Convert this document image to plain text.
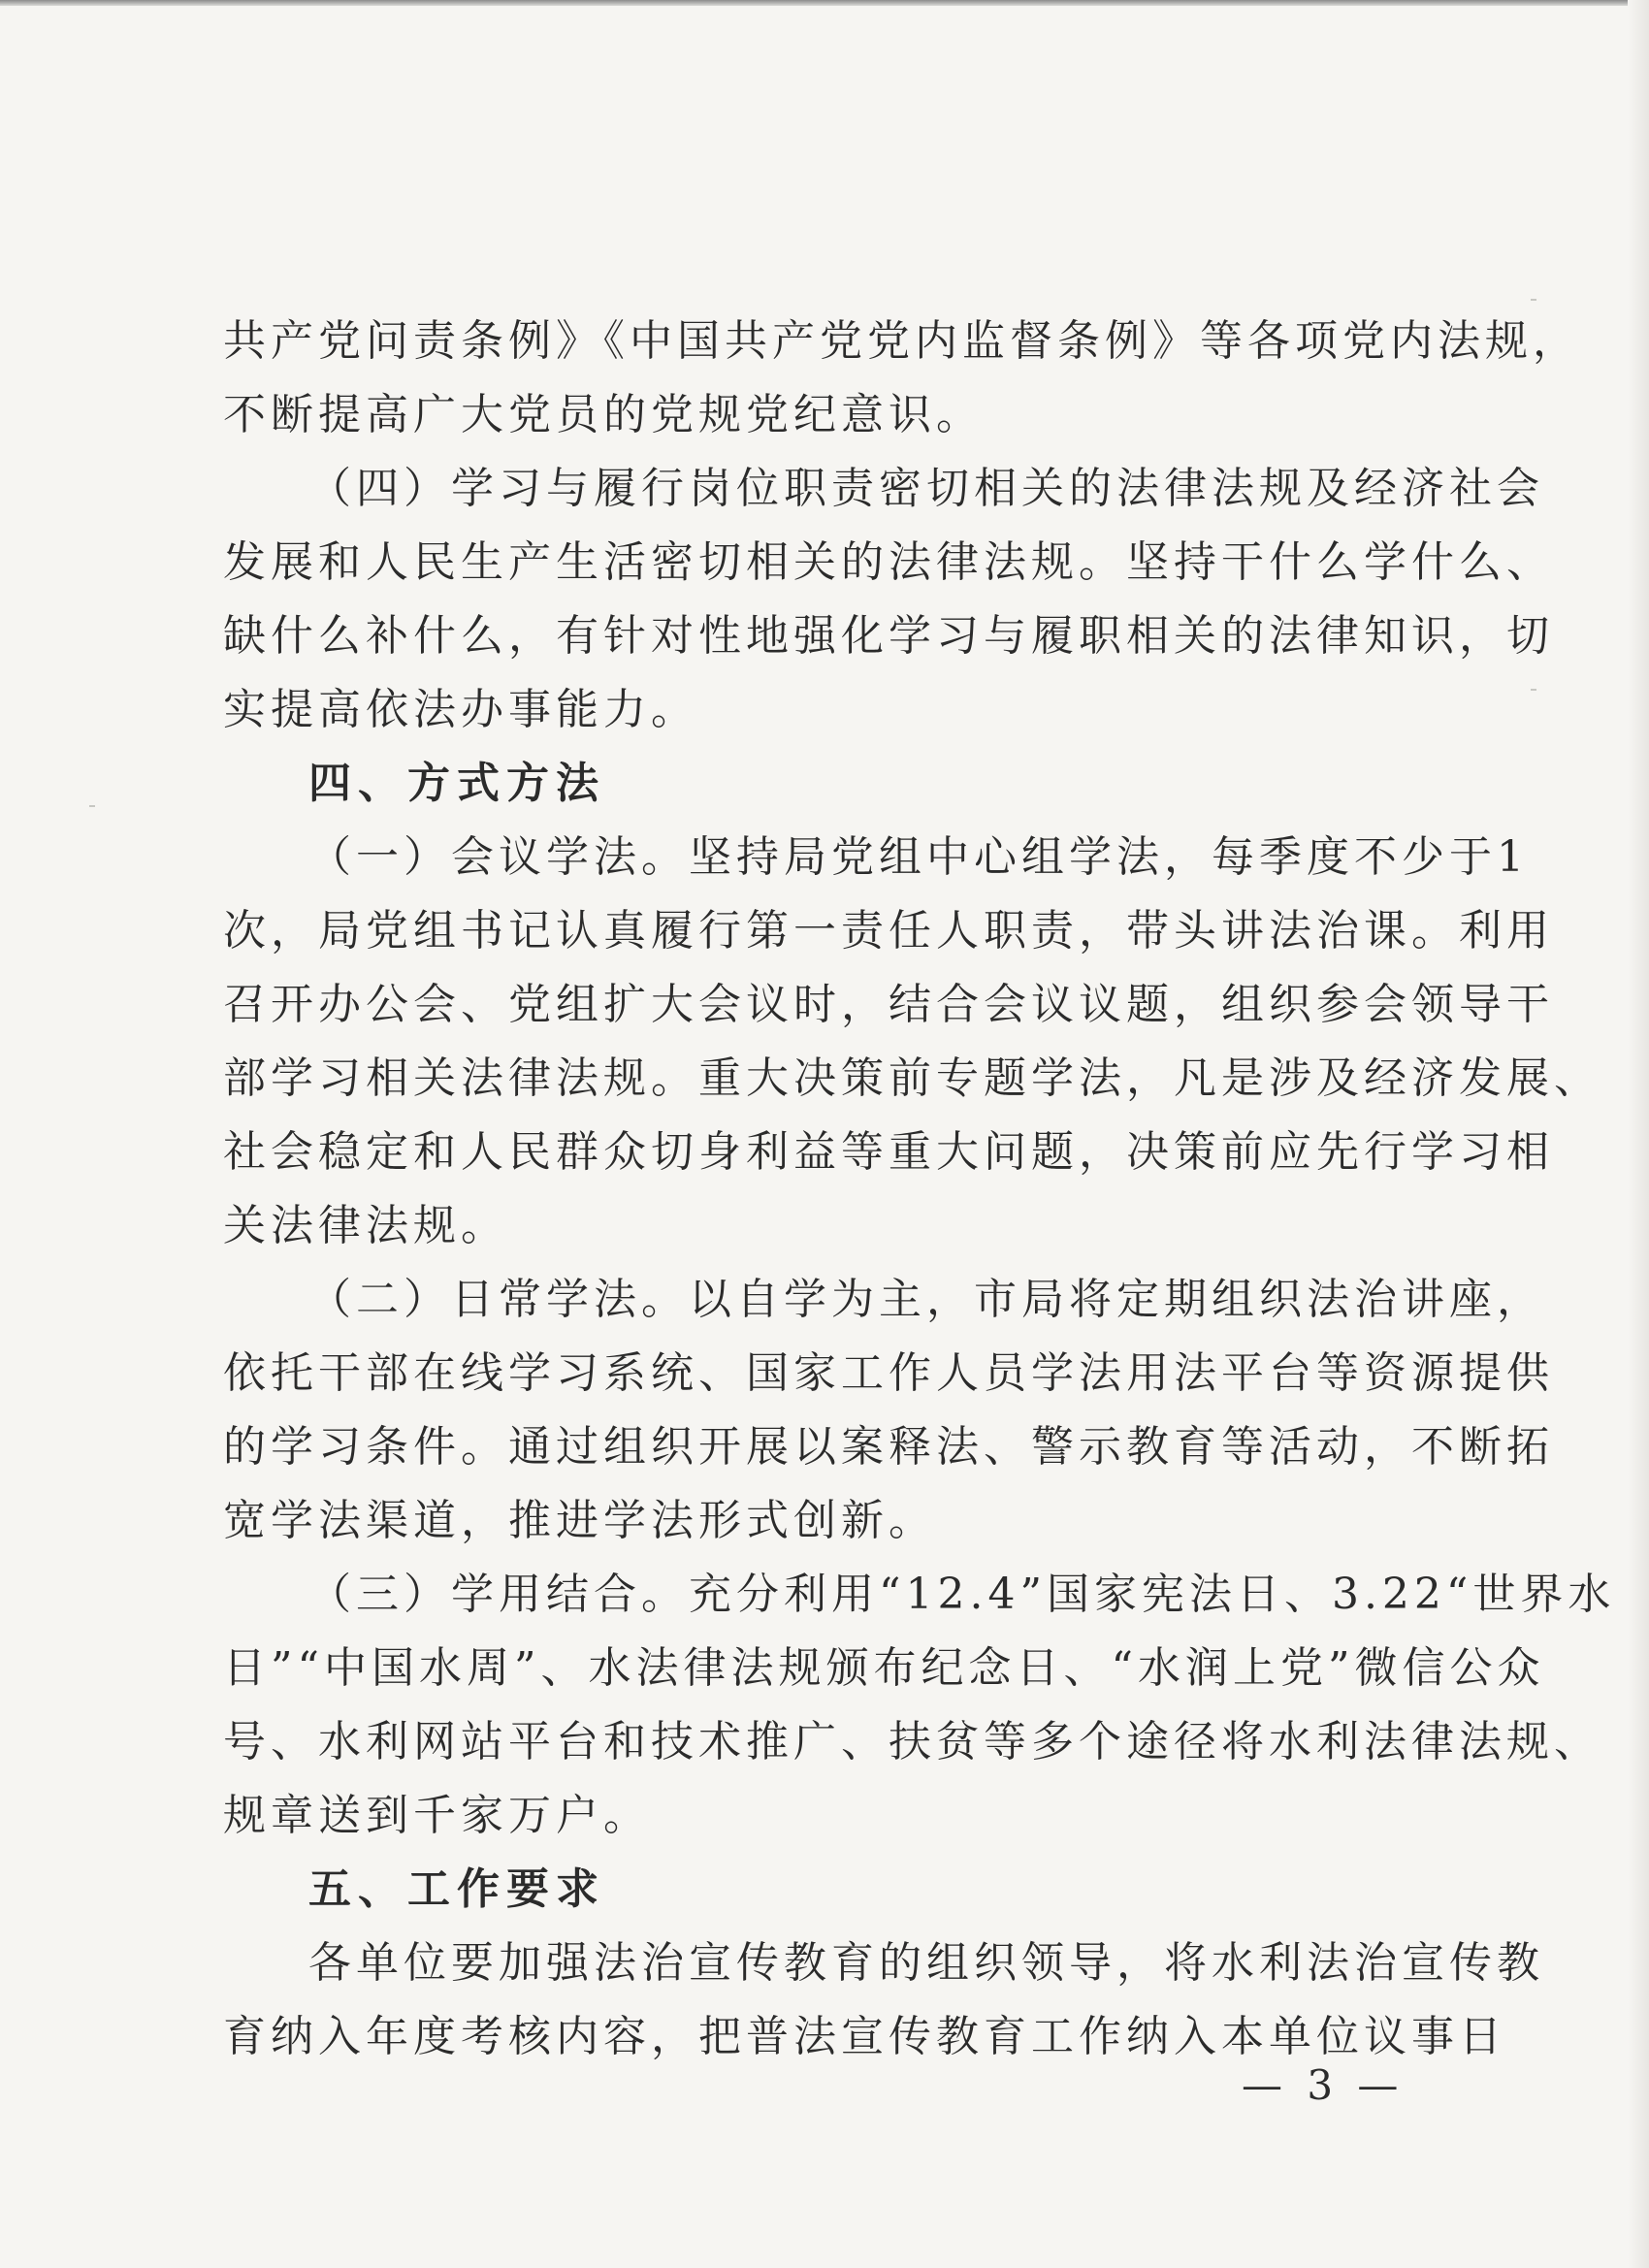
共产党问责条例》《中国共产党党内监督条例》等各项党内法规，
不断提高广大党员的党规党纪意识。
（四）学习与履行岗位职责密切相关的法律法规及经济社会
发展和人民生产生活密切相关的法律法规。坚持干什么学什么、
缺什么补什么，有针对性地强化学习与履职相关的法律知识，切
实提高依法办事能力。
四、方式方法
（一）会议学法。坚持局党组中心组学法，每季度不少于1
次，局党组书记认真履行第一责任人职责，带头讲法治课。利用
召开办公会、党组扩大会议时，结合会议议题，组织参会领导干
部学习相关法律法规。重大决策前专题学法，凡是涉及经济发展、
社会稳定和人民群众切身利益等重大问题，决策前应先行学习相
关法律法规。
（二）日常学法。以自学为主，市局将定期组织法治讲座，
依托干部在线学习系统、国家工作人员学法用法平台等资源提供
的学习条件。通过组织开展以案释法、警示教育等活动，不断拓
宽学法渠道，推进学法形式创新。
（三）学用结合。充分利用“12.4”国家宪法日、3.22“世界水
日”“中国水周”、水法律法规颁布纪念日、“水润上党”微信公众
号、水利网站平台和技术推广、扶贫等多个途径将水利法律法规、
规章送到千家万户。
五、工作要求
各单位要加强法治宣传教育的组织领导，将水利法治宣传教
育纳入年度考核内容，把普法宣传教育工作纳入本单位议事日
— 3 —
